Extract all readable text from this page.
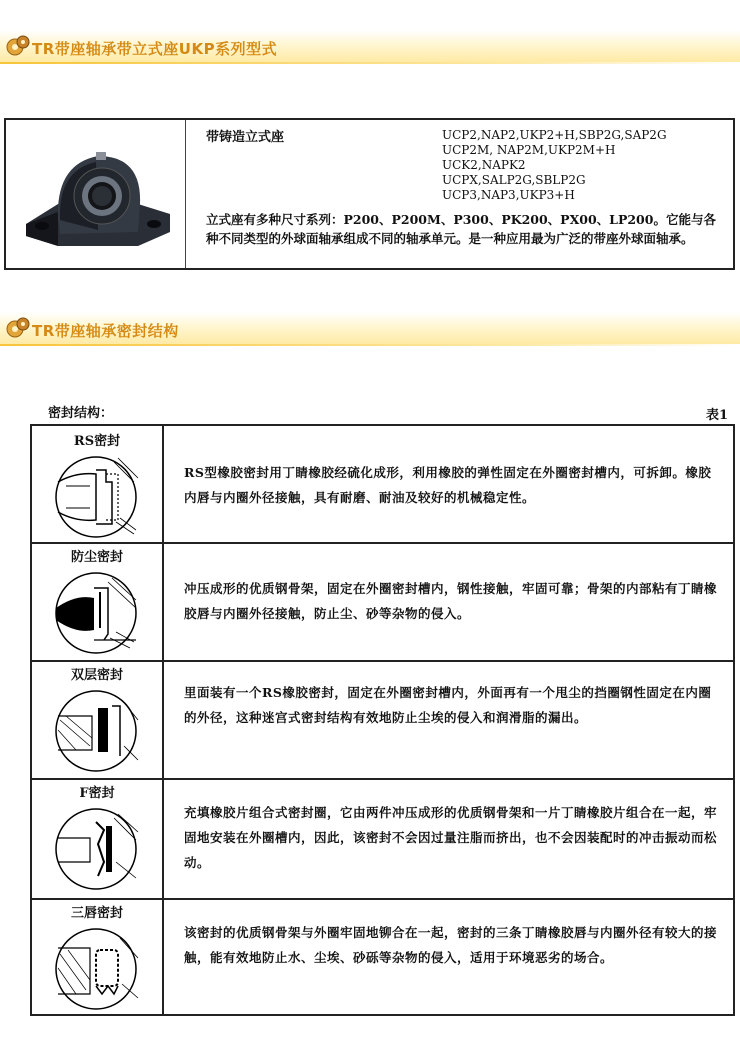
TR带座轴承带立式座UKP系列型式
带铸造立式座	UCP2,NAP2,UKP2+H,SBP2G,SAP2G
UCP2M, NAP2M,UKP2M+H
UCK2,NAPK2
UCPX,SALP2G,SBLP2G
UCP3,NAP3,UKP3+H
立式座有多种尺寸系列：P200、P200M、P300、PK200、PX00、LP200。它能与各种不同类型的外球面轴承组成不同的轴承单元。是一种应用最为广泛的带座外球面轴承。
TR带座轴承密封结构
密封结构：	表1
RS密封
RS型橡胶密封用丁睛橡胶经硫化成形，利用橡胶的弹性固定在外圈密封槽内，可拆卸。橡胶内唇与内圈外径接触，具有耐磨、耐油及较好的机械稳定性。
防尘密封
冲压成形的优质钢骨架，固定在外圈密封槽内，钢性接触，牢固可靠；骨架的内部粘有丁睛橡胶唇与内圈外径接触，防止尘、砂等杂物的侵入。
双层密封
里面装有一个RS橡胶密封，固定在外圈密封槽内，外面再有一个甩尘的挡圈钢性固定在内圈的外径，这种迷宫式密封结构有效地防止尘埃的侵入和润滑脂的漏出。
F密封
充填橡胶片组合式密封圈，它由两件冲压成形的优质钢骨架和一片丁睛橡胶片组合在一起，牢固地安装在外圈槽内，因此，该密封不会因过量注脂而挤出，也不会因装配时的冲击振动而松动。
三唇密封
该密封的优质钢骨架与外圈牢固地铆合在一起，密封的三条丁睛橡胶唇与内圈外径有较大的接触，能有效地防止水、尘埃、砂砾等杂物的侵入，适用于环境恶劣的场合。
